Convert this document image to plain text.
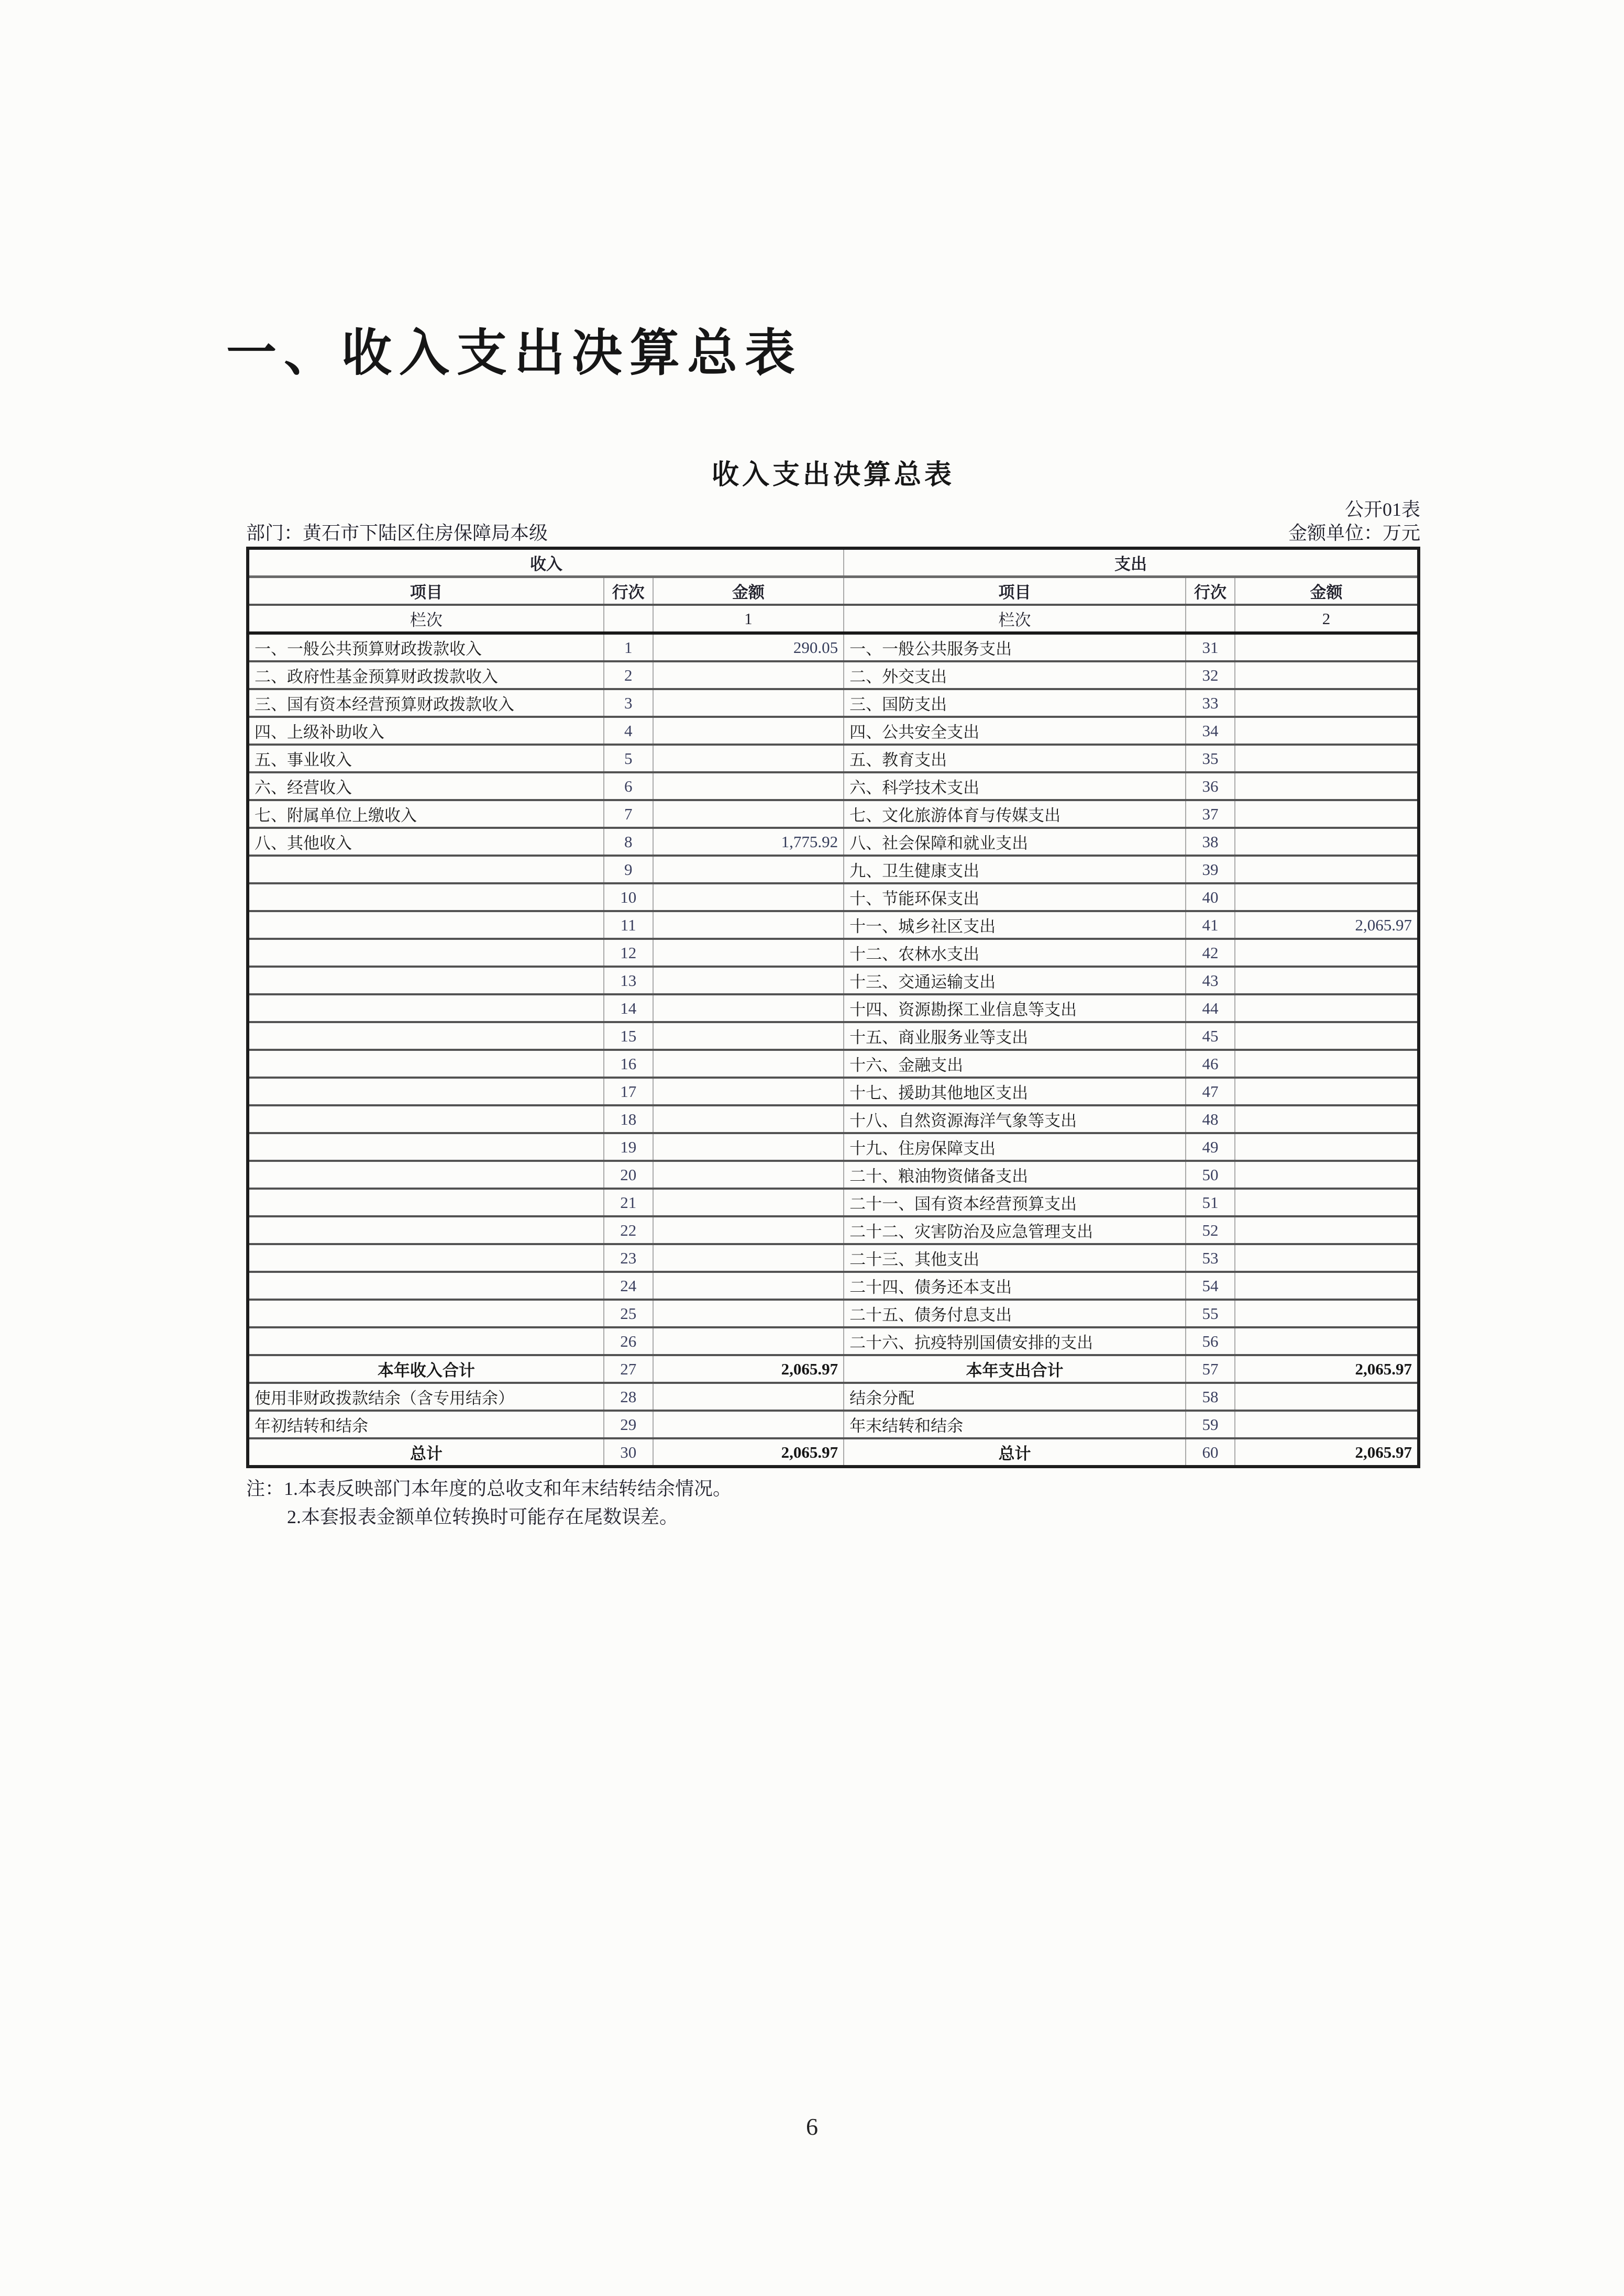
一、收入支出决算总表
收入支出决算总表
公开01表
部门：黄石市下陆区住房保障局本级	金额单位：万元
收入			支出		
项目	行次	金额	项目	行次	金额
栏次		1	栏次		2
一、一般公共预算财政拨款收入	1	290.05	一、一般公共服务支出	31	
二、政府性基金预算财政拨款收入	2		二、外交支出	32	
三、国有资本经营预算财政拨款收入	3		三、国防支出	33	
四、上级补助收入	4		四、公共安全支出	34	
五、事业收入	5		五、教育支出	35	
六、经营收入	6		六、科学技术支出	36	
七、附属单位上缴收入	7		七、文化旅游体育与传媒支出	37	
八、其他收入	8	1,775.92	八、社会保障和就业支出	38	
	9		九、卫生健康支出	39	
	10		十、节能环保支出	40	
	11		十一、城乡社区支出	41	2,065.97
	12		十二、农林水支出	42	
	13		十三、交通运输支出	43	
	14		十四、资源勘探工业信息等支出	44	
	15		十五、商业服务业等支出	45	
	16		十六、金融支出	46	
	17		十七、援助其他地区支出	47	
	18		十八、自然资源海洋气象等支出	48	
	19		十九、住房保障支出	49	
	20		二十、粮油物资储备支出	50	
	21		二十一、国有资本经营预算支出	51	
	22		二十二、灾害防治及应急管理支出	52	
	23		二十三、其他支出	53	
	24		二十四、债务还本支出	54	
	25		二十五、债务付息支出	55	
	26		二十六、抗疫特别国债安排的支出	56	
本年收入合计	27	2,065.97	本年支出合计	57	2,065.97
使用非财政拨款结余（含专用结余）	28		结余分配	58	
年初结转和结余	29		年末结转和结余	59	
总计	30	2,065.97	总计	60	2,065.97
注：1.本表反映部门本年度的总收支和年末结转结余情况。
2.本套报表金额单位转换时可能存在尾数误差。
6
